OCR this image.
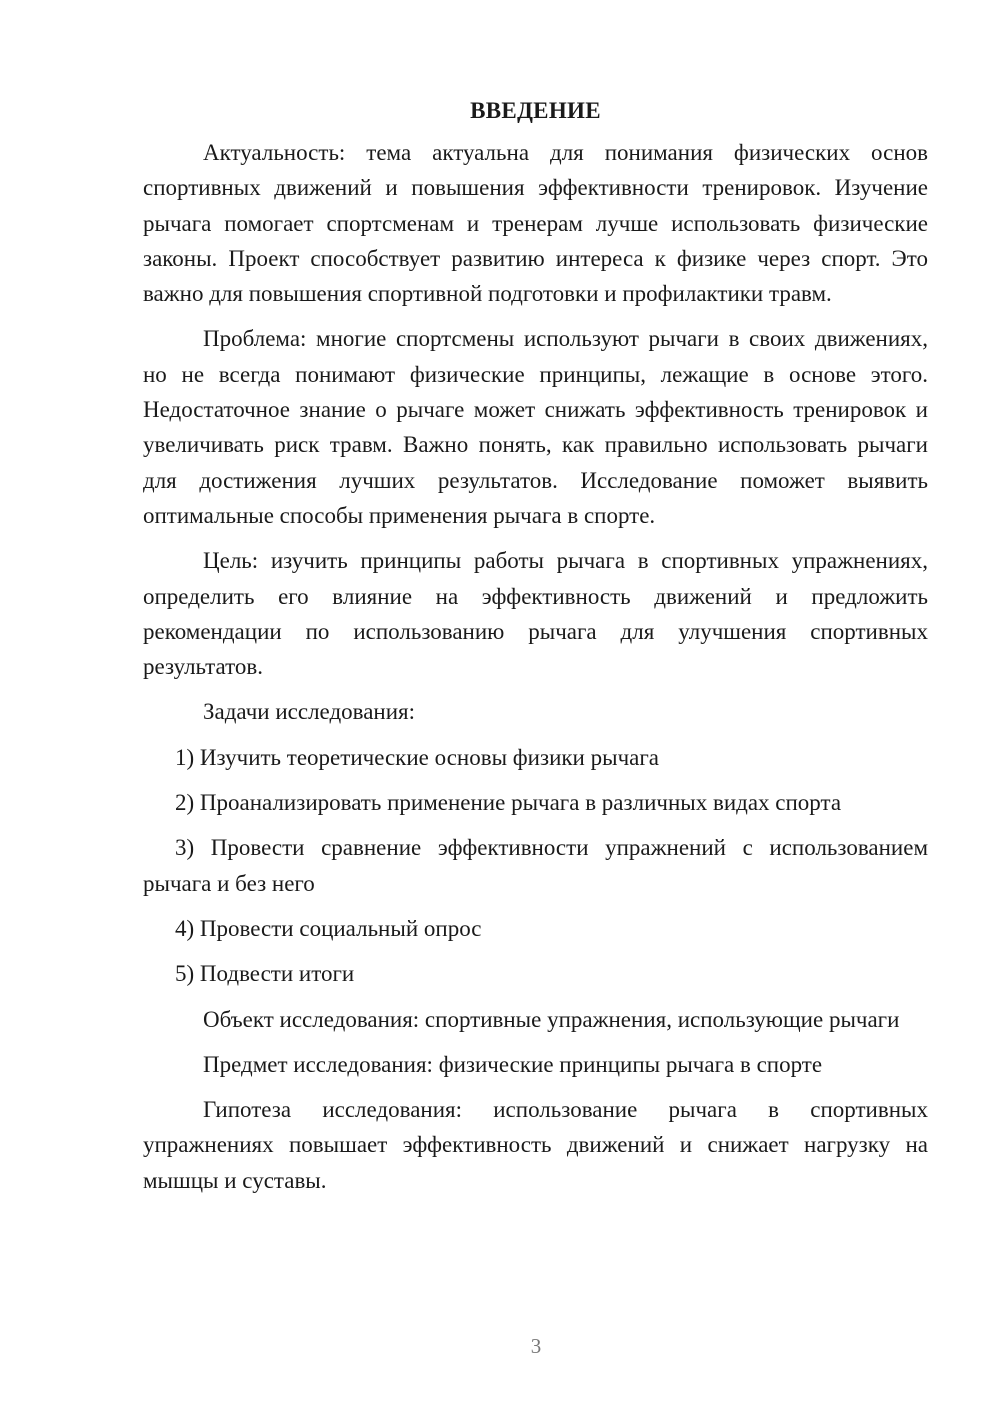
ВВЕДЕНИЕ

Актуальность: тема актуальна для понимания физических основ спортивных движений и повышения эффективности тренировок. Изучение рычага помогает спортсменам и тренерам лучше использовать физические законы. Проект способствует развитию интереса к физике через спорт. Это важно для повышения спортивной подготовки и профилактики травм.

Проблема: многие спортсмены используют рычаги в своих движениях, но не всегда понимают физические принципы, лежащие в основе этого. Недостаточное знание о рычаге может снижать эффективность тренировок и увеличивать риск травм. Важно понять, как правильно использовать рычаги для достижения лучших результатов. Исследование поможет выявить оптимальные способы применения рычага в спорте.

Цель: изучить принципы работы рычага в спортивных упражнениях, определить его влияние на эффективность движений и предложить рекомендации по использованию рычага для улучшения спортивных результатов.

Задачи исследования:

1) Изучить теоретические основы физики рычага
2) Проанализировать применение рычага в различных видах спорта
3) Провести сравнение эффективности упражнений с использованием рычага и без него
4) Провести социальный опрос
5) Подвести итоги

Объект исследования: спортивные упражнения, использующие рычаги

Предмет исследования: физические принципы рычага в спорте

Гипотеза исследования: использование рычага в спортивных упражнениях повышает эффективность движений и снижает нагрузку на мышцы и суставы.

3
